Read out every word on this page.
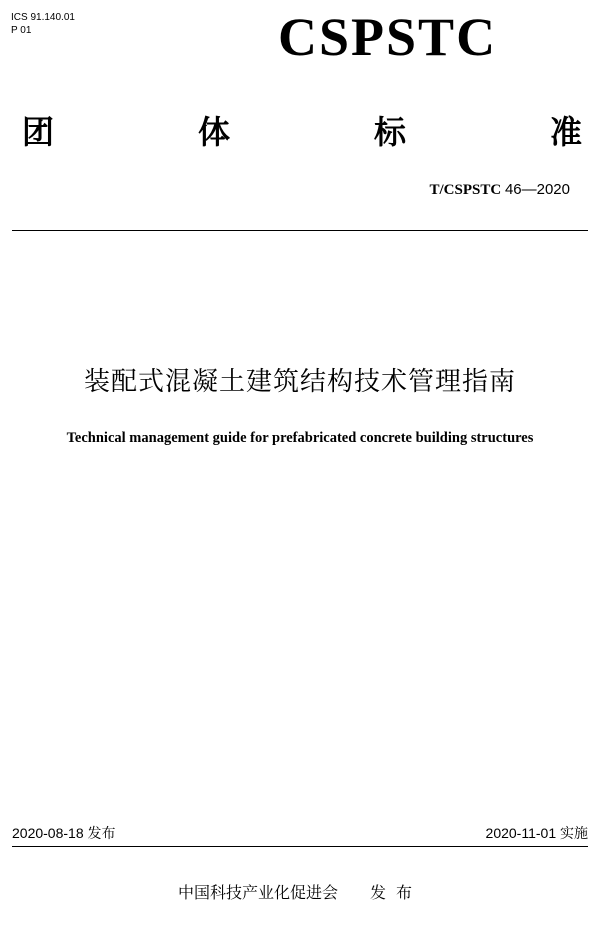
ICS 91.140.01
P 01	CSPSTC
团	体	标	准
T/CSPSTC 46—2020
装配式混凝土建筑结构技术管理指南
Technical management guide for prefabricated concrete building structures
2020-08-18 发布	2020-11-01 实施
中国科技产业化促进会 发布
